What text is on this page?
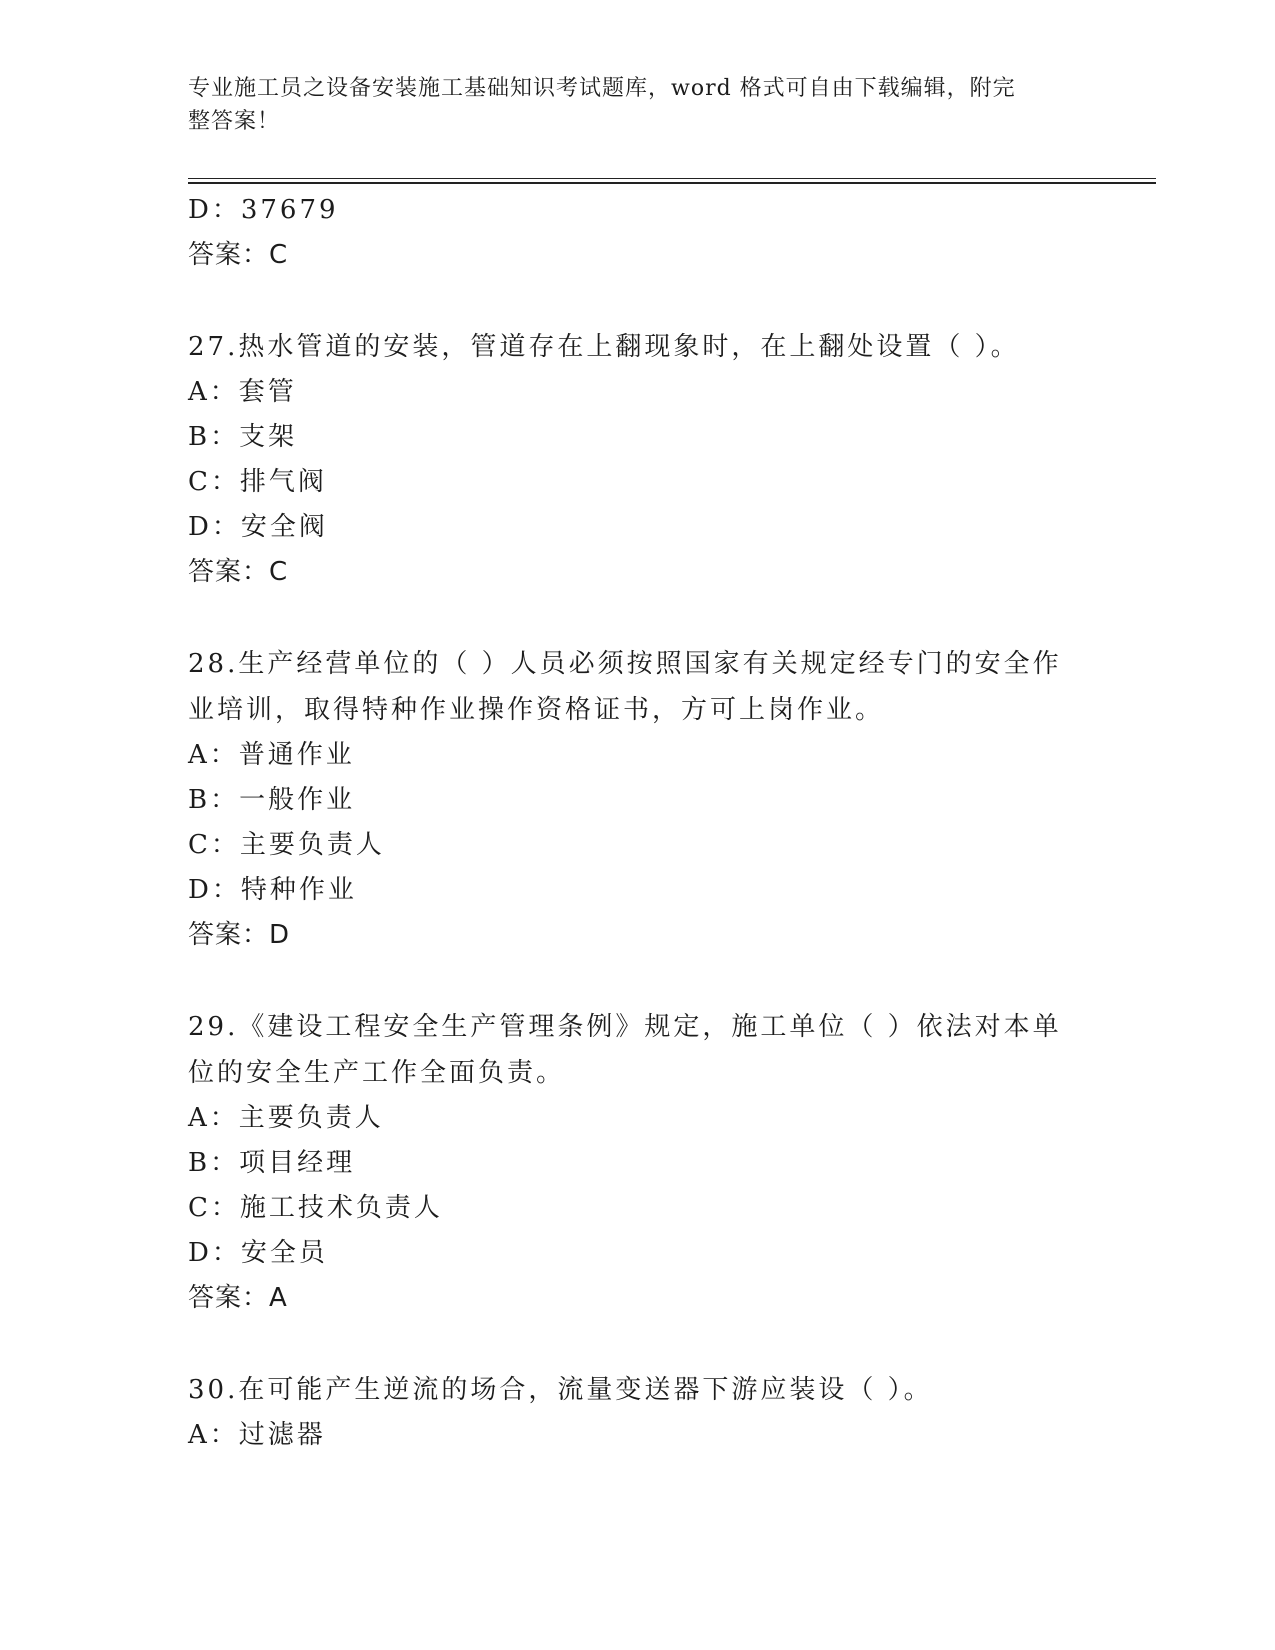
专业施工员之设备安装施工基础知识考试题库，word 格式可自由下载编辑，附完
整答案！
D：37679
答案：C
27.热水管道的安装，管道存在上翻现象时，在上翻处设置（ ）。
A：套管
B：支架
C：排气阀
D：安全阀
答案：C
28.生产经营单位的（ ）人员必须按照国家有关规定经专门的安全作
业培训，取得特种作业操作资格证书，方可上岗作业。
A：普通作业
B：一般作业
C：主要负责人
D：特种作业
答案：D
29.《建设工程安全生产管理条例》规定，施工单位（ ）依法对本单
位的安全生产工作全面负责。
A：主要负责人
B：项目经理
C：施工技术负责人
D：安全员
答案：A
30.在可能产生逆流的场合，流量变送器下游应装设（ ）。
A：过滤器
